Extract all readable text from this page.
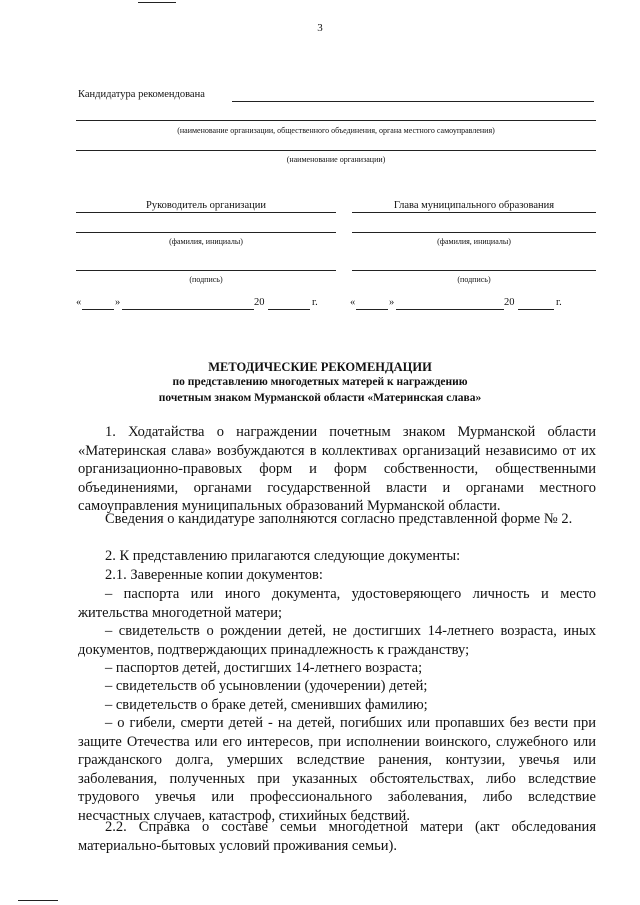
3
Кандидатура рекомендована
(наименование организации, общественного объединения, органа местного самоуправления)
(наименование организации)
Руководитель организации
(фамилия, инициалы)
(подпись)
«	»	20	г.
Глава муниципального образования
(фамилия, инициалы)
(подпись)
«	»	20	г.
МЕТОДИЧЕСКИЕ РЕКОМЕНДАЦИИ
по представлению многодетных матерей к награждению
почетным знаком Мурманской области «Материнская слава»
1. Ходатайства о награждении почетным знаком Мурманской области «Материнская слава» возбуждаются в коллективах организаций независимо от их организационно-правовых форм и форм собственности, общественными объединениями, органами государственной власти и органами местного самоуправления муниципальных образований Мурманской области.
Сведения о кандидатуре заполняются согласно представленной форме № 2.
2. К представлению прилагаются следующие документы:
2.1. Заверенные копии документов:
– паспорта или иного документа, удостоверяющего личность и место жительства многодетной матери;
– свидетельств о рождении детей, не достигших 14-летнего возраста, иных документов, подтверждающих принадлежность к гражданству;
– паспортов детей, достигших 14-летнего возраста;
– свидетельств об усыновлении (удочерении) детей;
– свидетельств о браке детей, сменивших фамилию;
– о гибели, смерти детей - на детей, погибших или пропавших без вести при защите Отечества или его интересов, при исполнении воинского, служебного или гражданского долга, умерших вследствие ранения, контузии, увечья или заболевания, полученных при указанных обстоятельствах, либо вследствие трудового увечья или профессионального заболевания, либо вследствие несчастных случаев, катастроф, стихийных бедствий.
2.2. Справка о составе семьи многодетной матери (акт обследования материально-бытовых условий проживания семьи).
